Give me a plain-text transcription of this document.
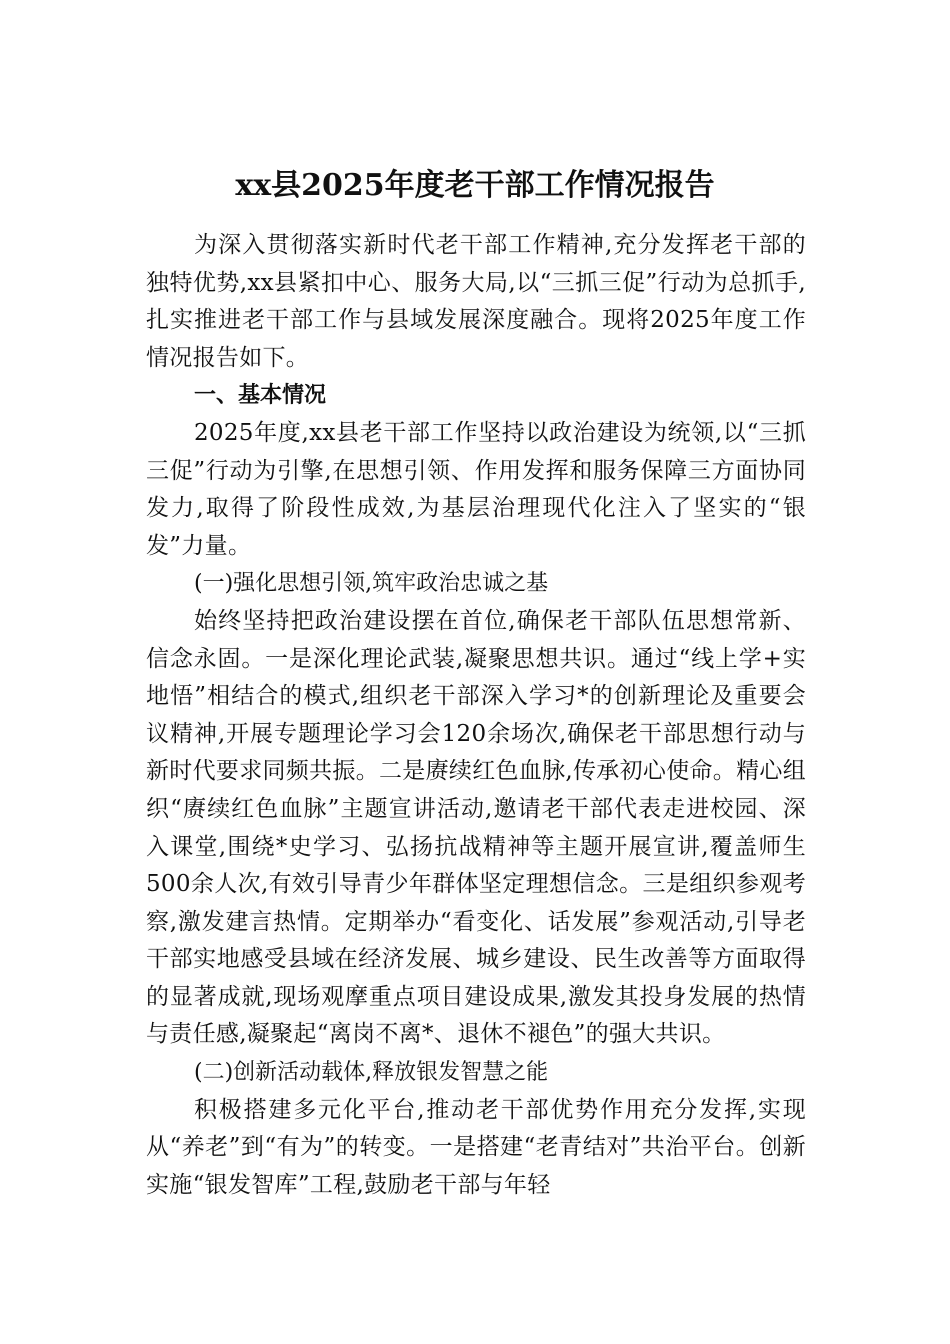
xx县2025年度老干部工作情况报告

为深入贯彻落实新时代老干部工作精神,充分发挥老干部的独特优势,xx县紧扣中心、服务大局,以“三抓三促”行动为总抓手,扎实推进老干部工作与县域发展深度融合。现将2025年度工作情况报告如下。

一、基本情况

2025年度,xx县老干部工作坚持以政治建设为统领,以“三抓三促”行动为引擎,在思想引领、作用发挥和服务保障三方面协同发力,取得了阶段性成效,为基层治理现代化注入了坚实的“银发”力量。

(一)强化思想引领,筑牢政治忠诚之基

始终坚持把政治建设摆在首位,确保老干部队伍思想常新、信念永固。一是深化理论武装,凝聚思想共识。通过“线上学+实地悟”相结合的模式,组织老干部深入学习*的创新理论及重要会议精神,开展专题理论学习会120余场次,确保老干部思想行动与新时代要求同频共振。二是赓续红色血脉,传承初心使命。精心组织“赓续红色血脉”主题宣讲活动,邀请老干部代表走进校园、深入课堂,围绕*史学习、弘扬抗战精神等主题开展宣讲,覆盖师生500余人次,有效引导青少年群体坚定理想信念。三是组织参观考察,激发建言热情。定期举办“看变化、话发展”参观活动,引导老干部实地感受县域在经济发展、城乡建设、民生改善等方面取得的显著成就,现场观摩重点项目建设成果,激发其投身发展的热情与责任感,凝聚起“离岗不离*、退休不褪色”的强大共识。

(二)创新活动载体,释放银发智慧之能

积极搭建多元化平台,推动老干部优势作用充分发挥,实现从“养老”到“有为”的转变。一是搭建“老青结对”共治平台。创新实施“银发智库”工程,鼓励老干部与年轻
